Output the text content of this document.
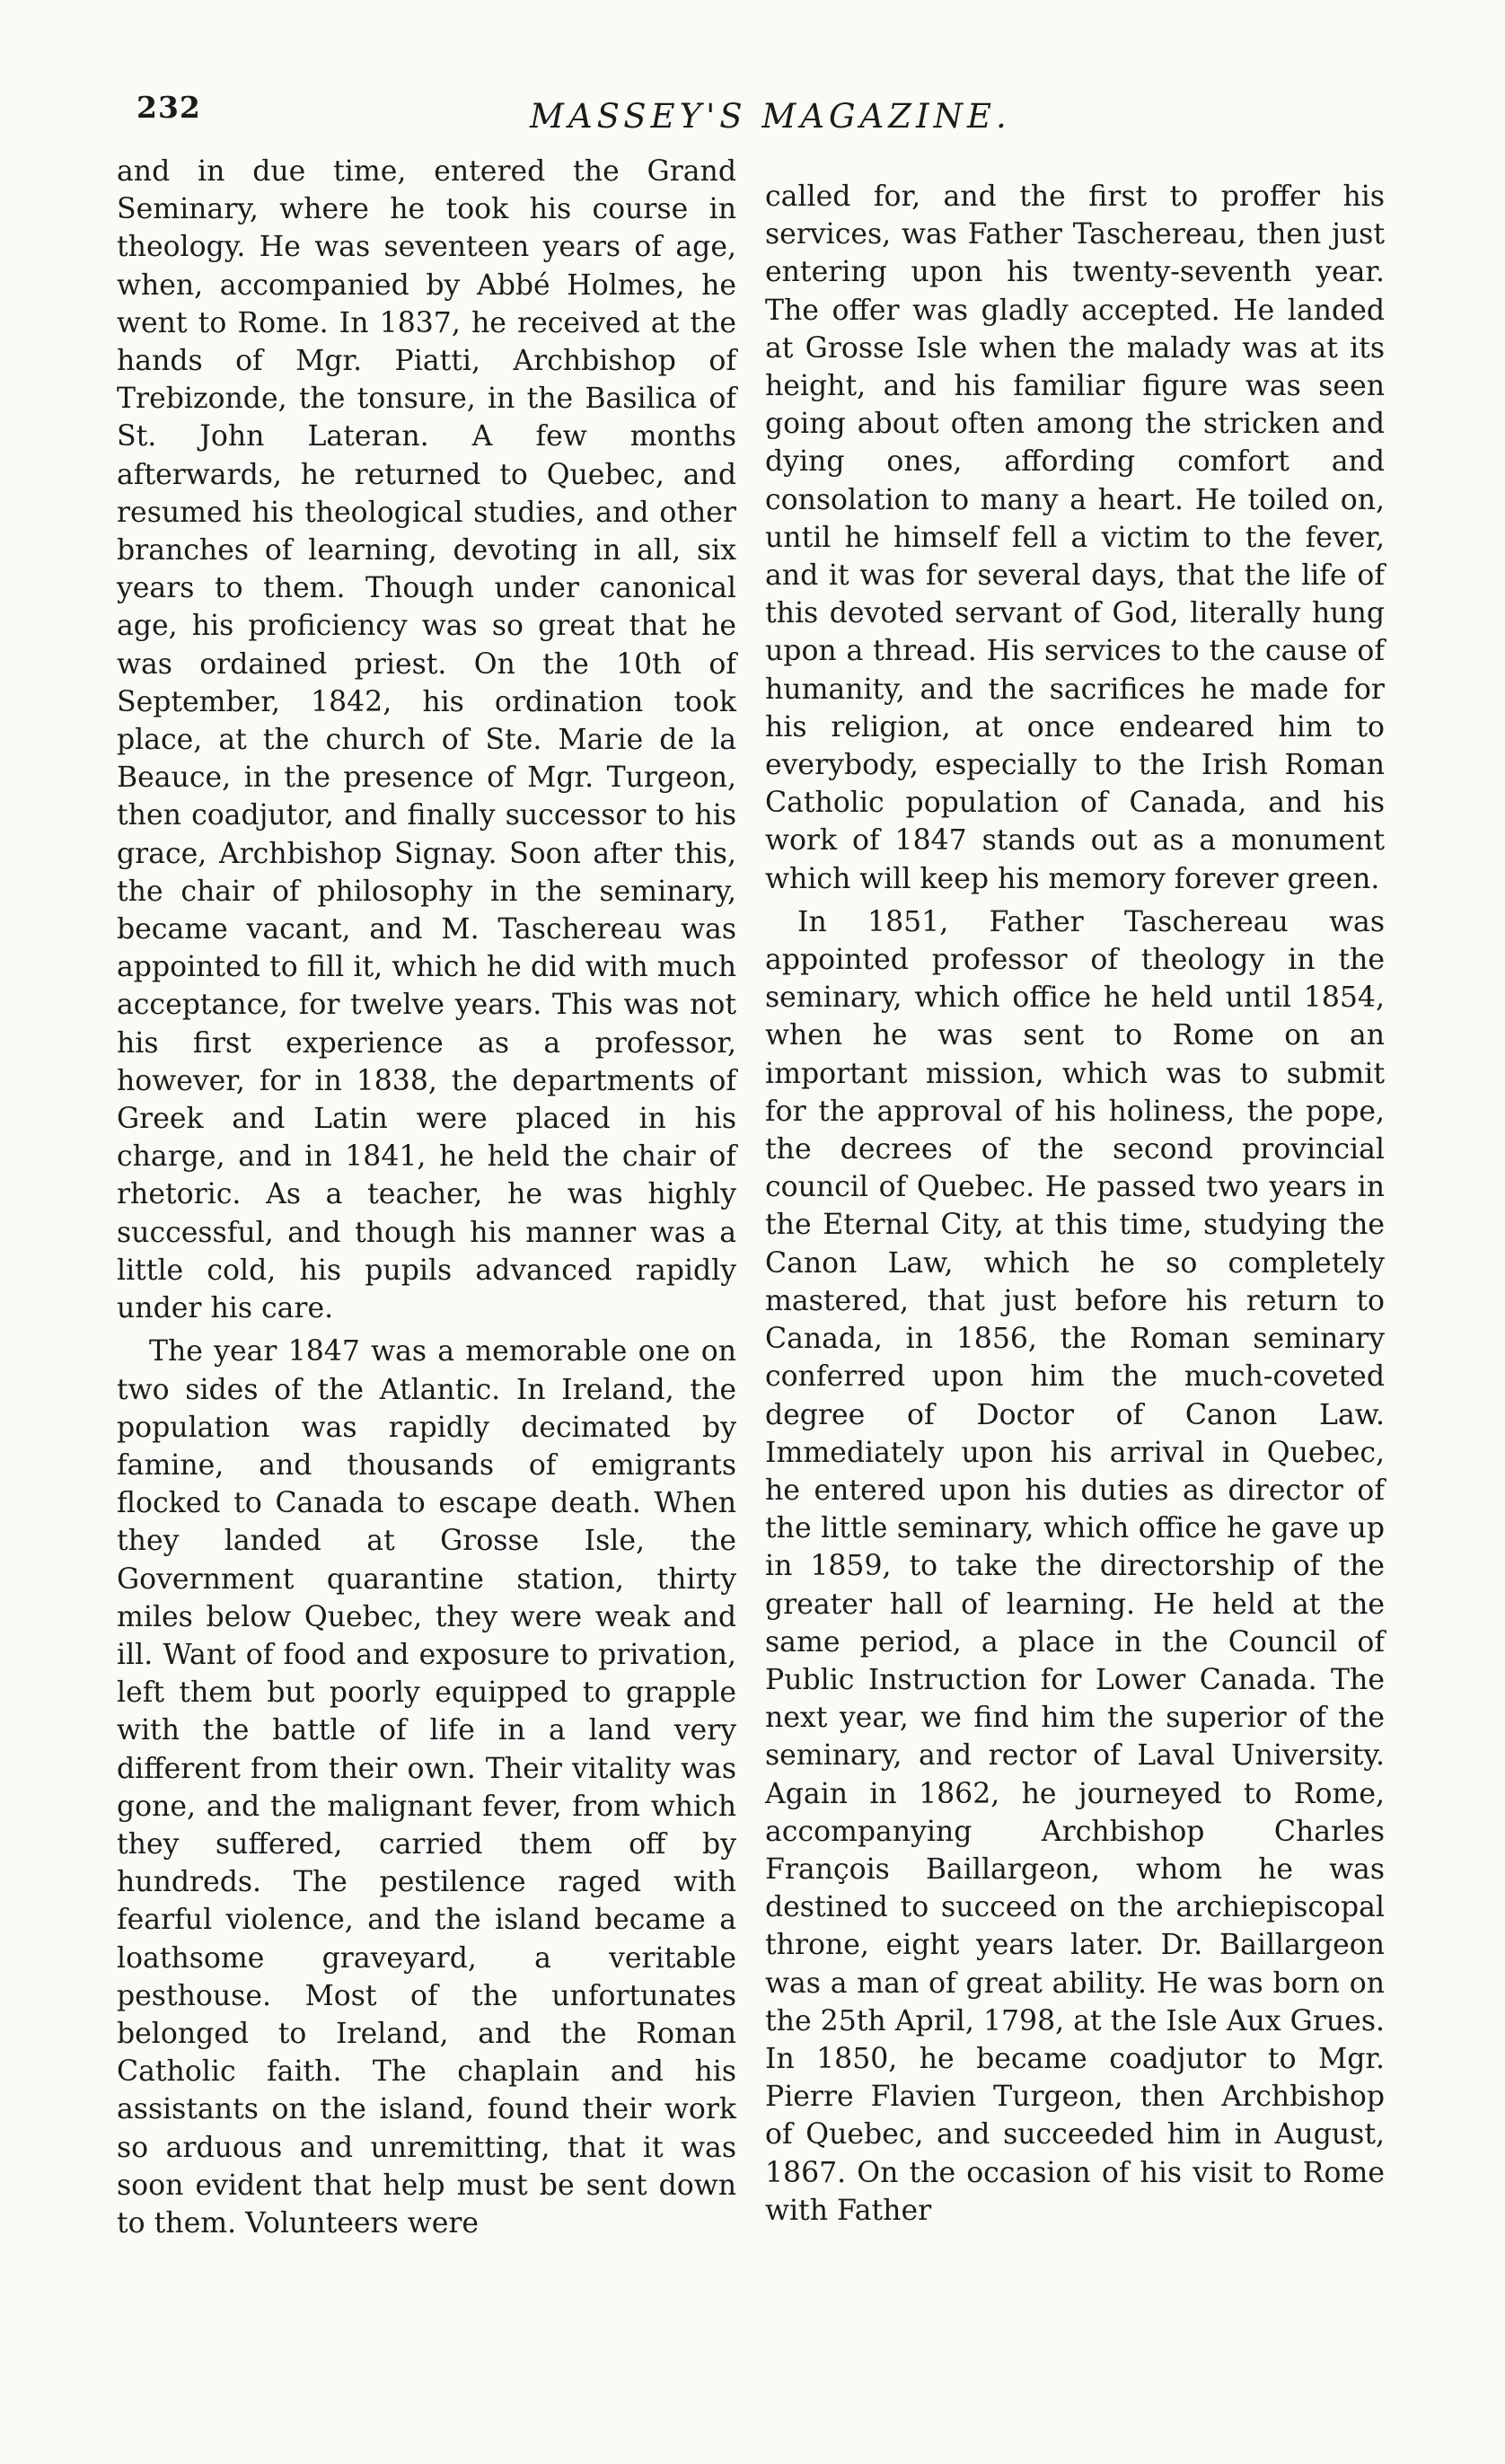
232	MASSEY'S MAGAZINE.

and in due time, entered the Grand Seminary, where he took his course in theology. He was seventeen years of age, when, accompanied by Abbé Holmes, he went to Rome. In 1837, he received at the hands of Mgr. Piatti, Archbishop of Trebizonde, the tonsure, in the Basilica of St. John Lateran. A few months afterwards, he returned to Quebec, and resumed his theological studies, and other branches of learning, devoting in all, six years to them. Though under canonical age, his proficiency was so great that he was ordained priest. On the 10th of September, 1842, his ordination took place, at the church of Ste. Marie de la Beauce, in the presence of Mgr. Turgeon, then coadjutor, and finally successor to his grace, Archbishop Signay. Soon after this, the chair of philosophy in the seminary, became vacant, and M. Taschereau was appointed to fill it, which he did with much acceptance, for twelve years. This was not his first experience as a professor, however, for in 1838, the departments of Greek and Latin were placed in his charge, and in 1841, he held the chair of rhetoric. As a teacher, he was highly successful, and though his manner was a little cold, his pupils advanced rapidly under his care.

The year 1847 was a memorable one on two sides of the Atlantic. In Ireland, the population was rapidly decimated by famine, and thousands of emigrants flocked to Canada to escape death. When they landed at Grosse Isle, the Government quarantine station, thirty miles below Quebec, they were weak and ill. Want of food and exposure to privation, left them but poorly equipped to grapple with the battle of life in a land very different from their own. Their vitality was gone, and the malignant fever, from which they suffered, carried them off by hundreds. The pestilence raged with fearful violence, and the island became a loathsome graveyard, a veritable pesthouse. Most of the unfortunates belonged to Ireland, and the Roman Catholic faith. The chaplain and his assistants on the island, found their work so arduous and unremitting, that it was soon evident that help must be sent down to them. Volunteers were

called for, and the first to proffer his services, was Father Taschereau, then just entering upon his twenty-seventh year. The offer was gladly accepted. He landed at Grosse Isle when the malady was at its height, and his familiar figure was seen going about often among the stricken and dying ones, affording comfort and consolation to many a heart. He toiled on, until he himself fell a victim to the fever, and it was for several days, that the life of this devoted servant of God, literally hung upon a thread. His services to the cause of humanity, and the sacrifices he made for his religion, at once endeared him to everybody, especially to the Irish Roman Catholic population of Canada, and his work of 1847 stands out as a monument which will keep his memory forever green.

In 1851, Father Taschereau was appointed professor of theology in the seminary, which office he held until 1854, when he was sent to Rome on an important mission, which was to submit for the approval of his holiness, the pope, the decrees of the second provincial council of Quebec. He passed two years in the Eternal City, at this time, studying the Canon Law, which he so completely mastered, that just before his return to Canada, in 1856, the Roman seminary conferred upon him the much-coveted degree of Doctor of Canon Law. Immediately upon his arrival in Quebec, he entered upon his duties as director of the little seminary, which office he gave up in 1859, to take the directorship of the greater hall of learning. He held at the same period, a place in the Council of Public Instruction for Lower Canada. The next year, we find him the superior of the seminary, and rector of Laval University. Again in 1862, he journeyed to Rome, accompanying Archbishop Charles François Baillargeon, whom he was destined to succeed on the archiepiscopal throne, eight years later. Dr. Baillargeon was a man of great ability. He was born on the 25th April, 1798, at the Isle Aux Grues. In 1850, he became coadjutor to Mgr. Pierre Flavien Turgeon, then Archbishop of Quebec, and succeeded him in August, 1867. On the occasion of his visit to Rome with Father
